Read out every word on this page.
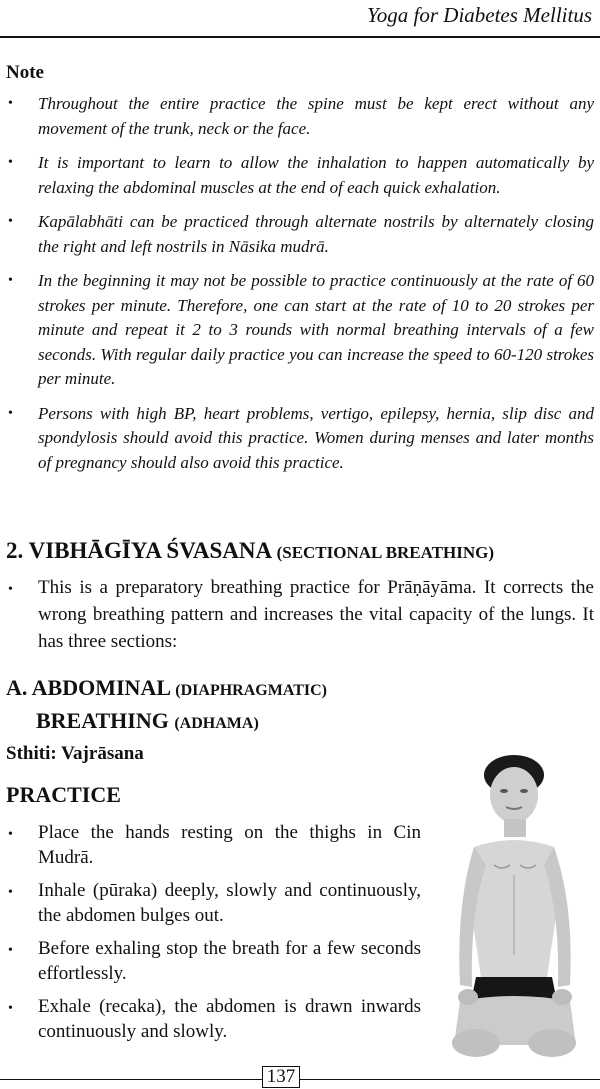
Yoga for Diabetes Mellitus
Note
• Throughout the entire practice the spine must be kept erect without any movement of the trunk, neck or the face.
• It is important to learn to allow the inhalation to happen automatically by relaxing the abdominal muscles at the end of each quick exhalation.
• Kapālabhāti can be practiced through alternate nostrils by alternately closing the right and left nostrils in Nāsika mudrā.
• In the beginning it may not be possible to practice continuously at the rate of 60 strokes per minute. Therefore, one can start at the rate of 10 to 20 strokes per minute and repeat it 2 to 3 rounds with normal breathing intervals of a few seconds. With regular daily practice you can increase the speed to 60-120 strokes per minute.
• Persons with high BP, heart problems, vertigo, epilepsy, hernia, slip disc and spondylosis should avoid this practice. Women during menses and later months of pregnancy should also avoid this practice.
2. VIBHĀGĪYA ŚVASANA (SECTIONAL BREATHING)
• This is a preparatory breathing practice for Prāṇāyāma. It corrects the wrong breathing pattern and increases the vital capacity of the lungs. It has three sections:
A. ABDOMINAL (DIAPHRAGMATIC)
BREATHING (ADHAMA)
Sthiti: Vajrāsana
PRACTICE
• Place the hands resting on the thighs in Cin Mudrā.
• Inhale (pūraka) deeply, slowly and continuously, the abdomen bulges out.
• Before exhaling stop the breath for a few seconds effortlessly.
• Exhale (recaka), the abdomen is drawn inwards continuously and slowly.
137
